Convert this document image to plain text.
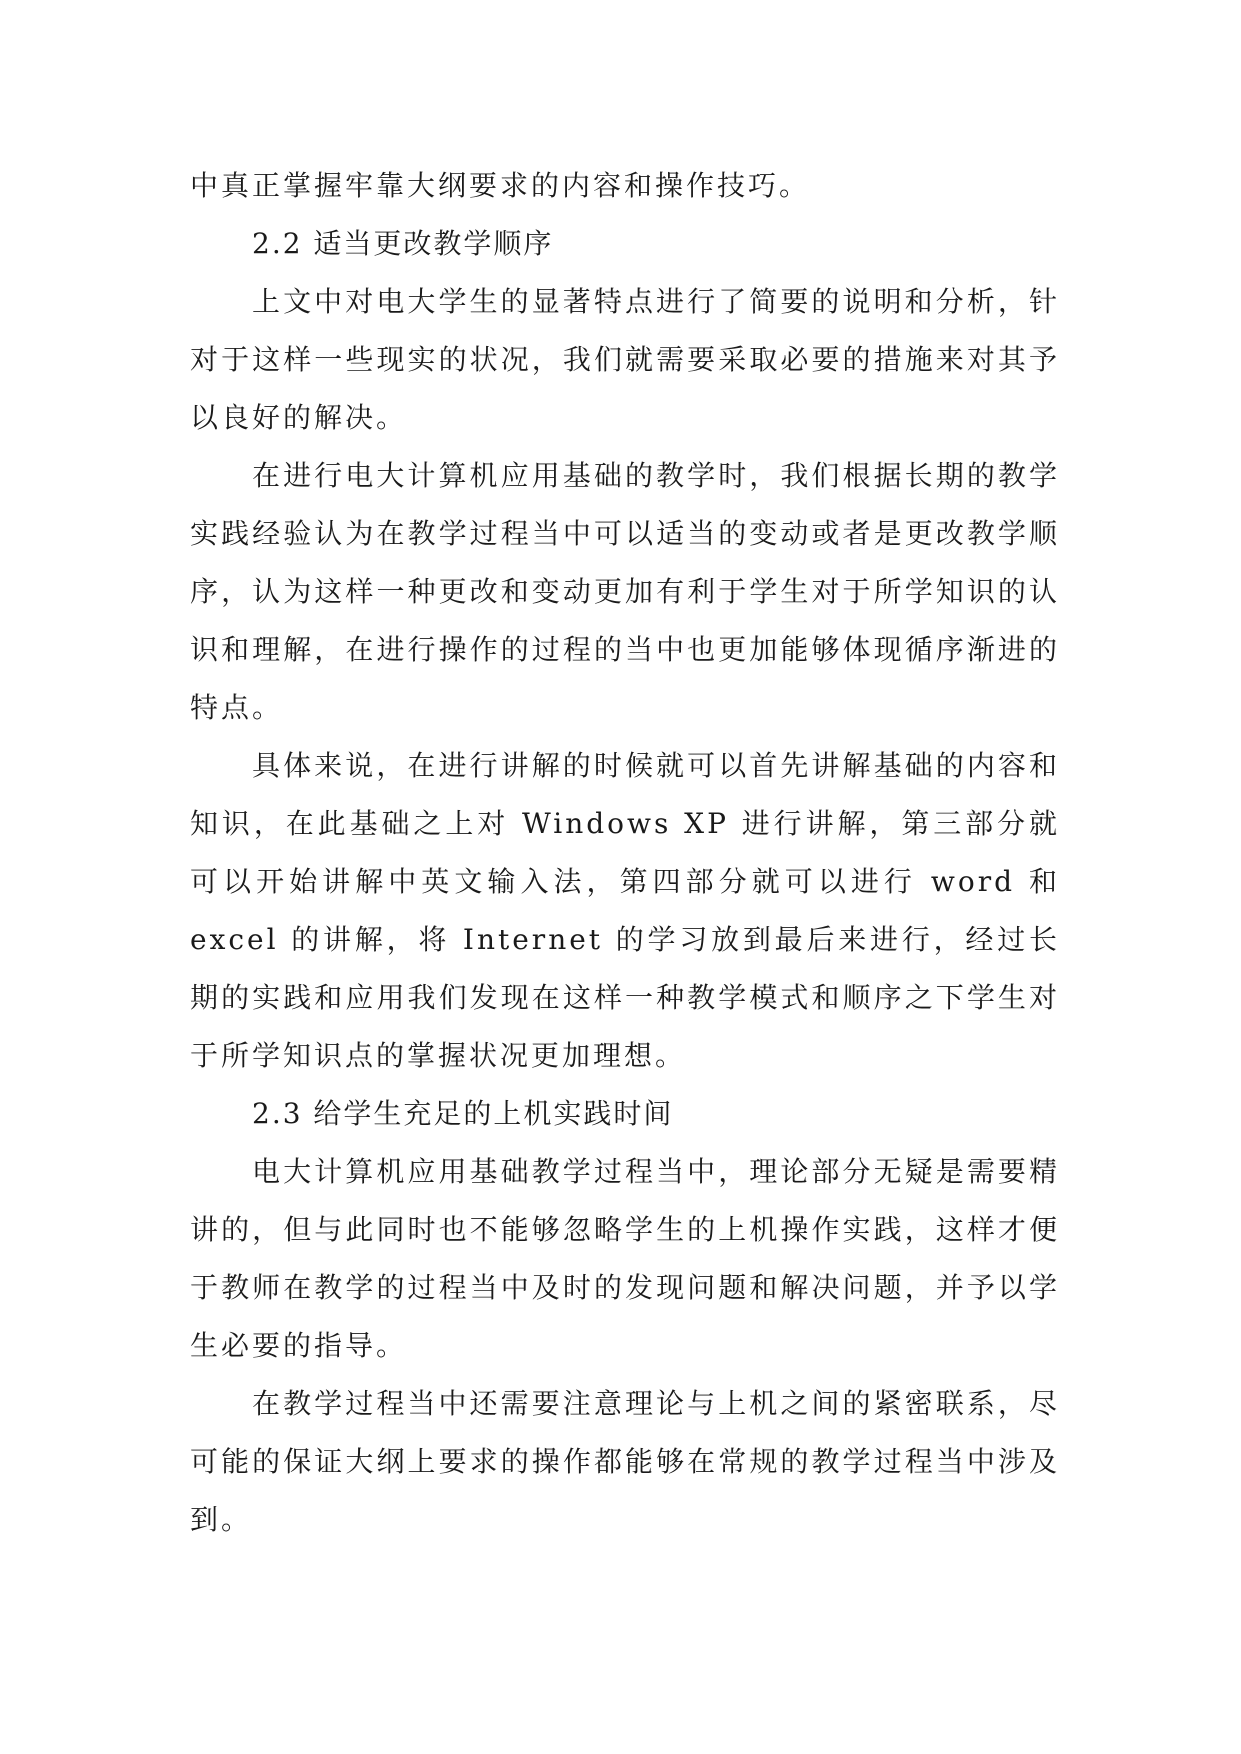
中真正掌握牢靠大纲要求的内容和操作技巧。

2.2 适当更改教学顺序

上文中对电大学生的显著特点进行了简要的说明和分析，针对于这样一些现实的状况，我们就需要采取必要的措施来对其予以良好的解决。

在进行电大计算机应用基础的教学时，我们根据长期的教学实践经验认为在教学过程当中可以适当的变动或者是更改教学顺序，认为这样一种更改和变动更加有利于学生对于所学知识的认识和理解，在进行操作的过程的当中也更加能够体现循序渐进的特点。

具体来说，在进行讲解的时候就可以首先讲解基础的内容和知识，在此基础之上对 Windows XP 进行讲解，第三部分就可以开始讲解中英文输入法，第四部分就可以进行 word 和 excel 的讲解，将 Internet 的学习放到最后来进行，经过长期的实践和应用我们发现在这样一种教学模式和顺序之下学生对于所学知识点的掌握状况更加理想。

2.3 给学生充足的上机实践时间

电大计算机应用基础教学过程当中，理论部分无疑是需要精讲的，但与此同时也不能够忽略学生的上机操作实践，这样才便于教师在教学的过程当中及时的发现问题和解决问题，并予以学生必要的指导。

在教学过程当中还需要注意理论与上机之间的紧密联系，尽可能的保证大纲上要求的操作都能够在常规的教学过程当中涉及到。
